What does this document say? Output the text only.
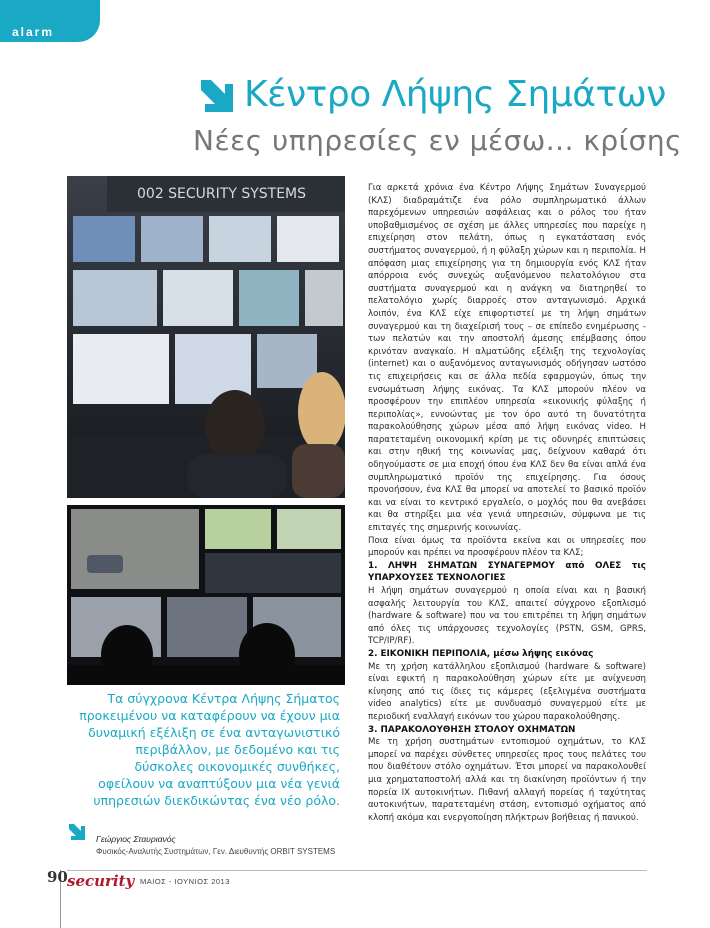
alarm
Κέντρο Λήψης Σημάτων
Νέες υπηρεσίες εν μέσω... κρίσης
002 SECURITY SYSTEMS
Τα σύγχρονα Κέντρα Λήψης Σήματος προκειμένου να καταφέρουν να έχουν μια δυναμική εξέλιξη σε ένα ανταγωνιστικό περιβάλλον, με δεδομένο και τις δύσκολες οικονομικές συνθήκες, οφείλουν να αναπτύξουν μια νέα γενιά υπηρεσιών διεκδικώντας ένα νέο ρόλο.
Γεώργιος Σταυριανός
Φυσικός-Αναλυτής Συστημάτων, Γεν. Διευθυντής ORBIT SYSTEMS

Για αρκετά χρόνια ένα Κέντρο Λήψης Σημάτων Συναγερμού (ΚΛΣ) διαδραμάτιζε ένα ρόλο συμπληρωματικό άλλων παρεχόμενων υπηρεσιών ασφάλειας και ο ρόλος του ήταν υποβαθμισμένος σε σχέση με άλλες υπηρεσίες που παρείχε η επιχείρηση στον πελάτη, όπως η εγκατάσταση ενός συστήματος συναγερμού, ή η φύλαξη χώρων και η περιπολία. Η απόφαση μιας επιχείρησης για τη δημιουργία ενός ΚΛΣ ήταν απόρροια ενός συνεχώς αυξανόμενου πελατολόγιου στα συστήματα συναγερμού και η ανάγκη να διατηρηθεί το πελατολόγιο χωρίς διαρροές στον ανταγωνισμό. Αρχικά λοιπόν, ένα ΚΛΣ είχε επιφορτιστεί με τη λήψη σημάτων συναγερμού και τη διαχείρισή τους – σε επίπεδο ενημέρωσης - των πελατών και την αποστολή άμεσης επέμβασης όπου κρινόταν αναγκαίο. Η αλματώδης εξέλιξη της τεχνολογίας (internet) και ο αυξανόμενος ανταγωνισμός οδήγησαν ωστόσο τις επιχειρήσεις και σε άλλα πεδία εφαρμογών, όπως την ενσωμάτωση λήψης εικόνας. Τα ΚΛΣ μπορούν πλέον να προσφέρουν την επιπλέον υπηρεσία «εικονικής φύλαξης ή περιπολίας», εννοώντας με τον όρο αυτό τη δυνατότητα παρακολούθησης χώρων μέσα από λήψη εικόνας video. Η παρατεταμένη οικονομική κρίση με τις οδυνηρές επιπτώσεις και στην ηθική της κοινωνίας μας, δείχνουν καθαρά ότι οδηγούμαστε σε μια εποχή όπου ένα ΚΛΣ δεν θα είναι απλά ένα συμπληρωματικό προϊόν της επιχείρησης. Για όσους προνοήσουν, ένα ΚΛΣ θα μπορεί να αποτελεί το βασικό προϊόν και να είναι το κεντρικό εργαλείο, ο μοχλός που θα ανεβάσει και θα στηρίξει μια νέα γενιά υπηρεσιών, σύμφωνα με τις επιταγές της σημερινής κοινωνίας.

Ποια είναι όμως τα προϊόντα εκείνα και οι υπηρεσίες που μπορούν και πρέπει να προσφέρουν πλέον τα ΚΛΣ;

1. ΛΗΨΗ ΣΗΜΑΤΩΝ ΣΥΝΑΓΕΡΜΟΥ από ΟΛΕΣ τις ΥΠΑΡΧΟΥΣΕΣ ΤΕΧΝΟΛΟΓΙΕΣ

Η λήψη σημάτων συναγερμού η οποία είναι και η βασική ασφαλής λειτουργία του ΚΛΣ, απαιτεί σύγχρονο εξοπλισμό (hardware & software) που να του επιτρέπει τη λήψη σημάτων από όλες τις υπάρχουσες τεχνολογίες (PSTN, GSM, GPRS, TCP/IP/RF).

2. ΕΙΚΟΝΙΚΗ ΠΕΡΙΠΟΛΙΑ, μέσω λήψης εικόνας

Με τη χρήση κατάλληλου εξοπλισμού (hardware & software) είναι εφικτή η παρακολούθηση χώρων είτε με ανίχνευση κίνησης από τις ίδιες τις κάμερες (εξελιγμένα συστήματα video analytics) είτε με συνδυασμό συναγερμού είτε με περιοδική εναλλαγή εικόνων του χώρου παρακολούθησης.

3. ΠΑΡΑΚΟΛΟΥΘΗΣΗ ΣΤΟΛΟΥ ΟΧΗΜΑΤΩΝ

Με τη χρήση συστημάτων εντοπισμού οχημάτων, το ΚΛΣ μπορεί να παρέχει σύνθετες υπηρεσίες προς τους πελάτες του που διαθέτουν στόλο οχημάτων. Έτσι μπορεί να παρακολουθεί μια χρηματαποστολή αλλά και τη διακίνηση προϊόντων ή την πορεία ΙΧ αυτοκινήτων. Πιθανή αλλαγή πορείας ή ταχύτητας αυτοκινήτων, παρατεταμένη στάση, εντοπισμό οχήματος από κλοπή ακόμα και ενεργοποίηση πλήκτρων βοήθειας ή πανικού.

90 security ΜΑΙΟΣ - ΙΟΥΝΙΟΣ 2013
